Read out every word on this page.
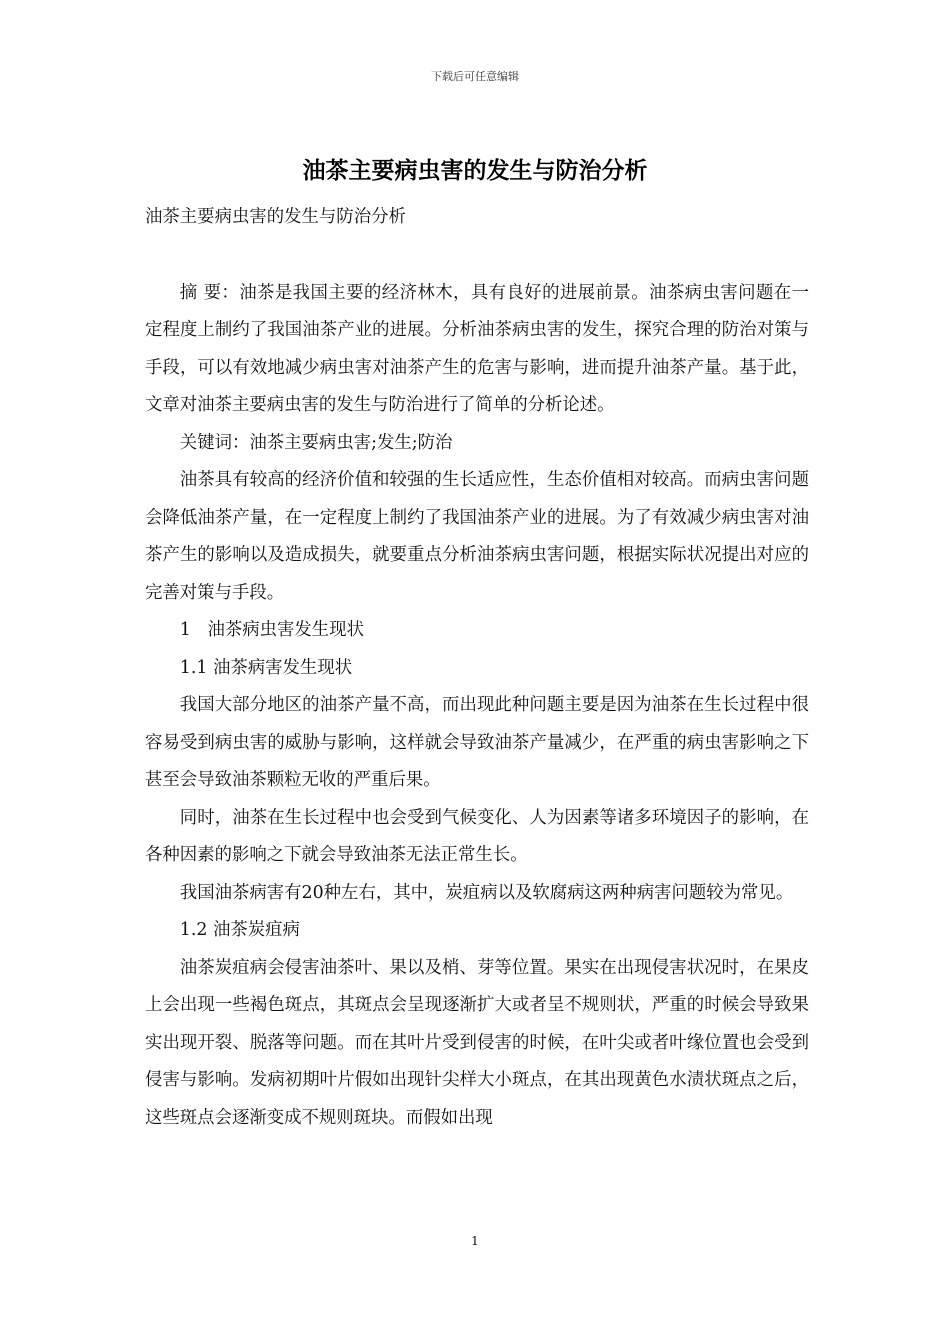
下载后可任意编辑
油茶主要病虫害的发生与防治分析

油茶主要病虫害的发生与防治分析

摘 要：油茶是我国主要的经济林木，具有良好的进展前景。油茶病虫害问题在一定程度上制约了我国油茶产业的进展。分析油茶病虫害的发生，探究合理的防治对策与手段，可以有效地减少病虫害对油茶产生的危害与影响，进而提升油茶产量。基于此，文章对油茶主要病虫害的发生与防治进行了简单的分析论述。

关键词：油茶主要病虫害;发生;防治

油茶具有较高的经济价值和较强的生长适应性，生态价值相对较高。而病虫害问题会降低油茶产量，在一定程度上制约了我国油茶产业的进展。为了有效减少病虫害对油茶产生的影响以及造成损失，就要重点分析油茶病虫害问题，根据实际状况提出对应的完善对策与手段。

1   油茶病虫害发生现状

1.1 油茶病害发生现状

我国大部分地区的油茶产量不高，而出现此种问题主要是因为油茶在生长过程中很容易受到病虫害的威胁与影响，这样就会导致油茶产量减少，在严重的病虫害影响之下甚至会导致油茶颗粒无收的严重后果。

同时，油茶在生长过程中也会受到气候变化、人为因素等诸多环境因子的影响，在各种因素的影响之下就会导致油茶无法正常生长。

我国油茶病害有20种左右，其中，炭疽病以及软腐病这两种病害问题较为常见。

1.2 油茶炭疽病

油茶炭疽病会侵害油茶叶、果以及梢、芽等位置。果实在出现侵害状况时，在果皮上会出现一些褐色斑点，其斑点会呈现逐渐扩大或者呈不规则状，严重的时候会导致果实出现开裂、脱落等问题。而在其叶片受到侵害的时候，在叶尖或者叶缘位置也会受到侵害与影响。发病初期叶片假如出现针尖样大小斑点，在其出现黄色水渍状斑点之后，这些斑点会逐渐变成不规则斑块。而假如出现

1
